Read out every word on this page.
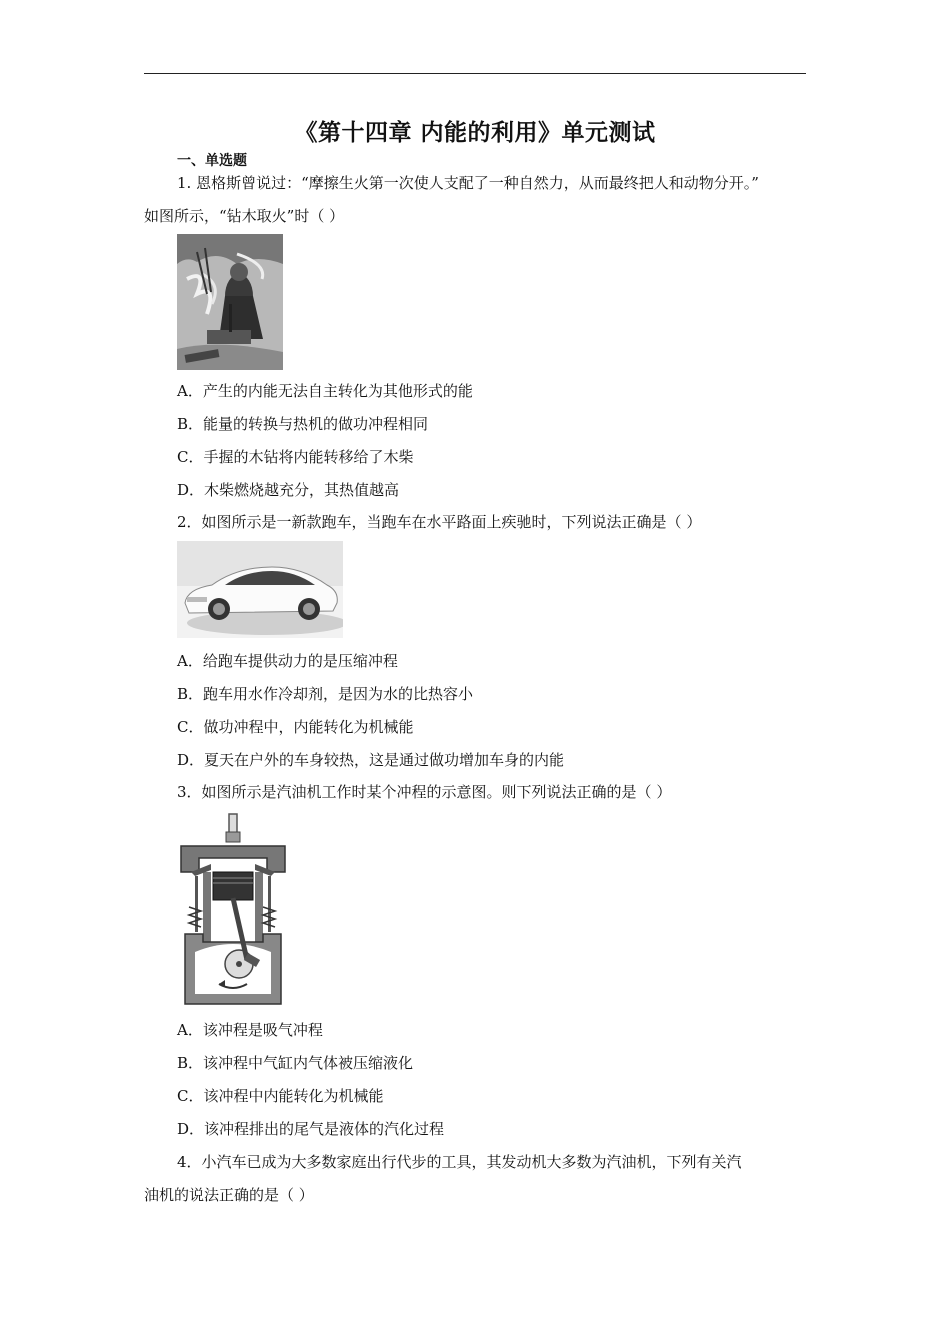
《第十四章 内能的利用》单元测试
一、单选题
1. 恩格斯曾说过：“摩擦生火第一次使人支配了一种自然力，从而最终把人和动物分开。”
如图所示，“钻木取火”时（ ）
A．产生的内能无法自主转化为其他形式的能
B．能量的转换与热机的做功冲程相同
C．手握的木钻将内能转移给了木柴
D．木柴燃烧越充分，其热值越高
2．如图所示是一新款跑车，当跑车在水平路面上疾驰时，下列说法正确是（ ）
A．给跑车提供动力的是压缩冲程
B．跑车用水作冷却剂，是因为水的比热容小
C．做功冲程中，内能转化为机械能
D．夏天在户外的车身较热，这是通过做功增加车身的内能
3．如图所示是汽油机工作时某个冲程的示意图。则下列说法正确的是（ ）
A．该冲程是吸气冲程
B．该冲程中气缸内气体被压缩液化
C．该冲程中内能转化为机械能
D．该冲程排出的尾气是液体的汽化过程
4．小汽车已成为大多数家庭出行代步的工具，其发动机大多数为汽油机，下列有关汽
油机的说法正确的是（ ）
